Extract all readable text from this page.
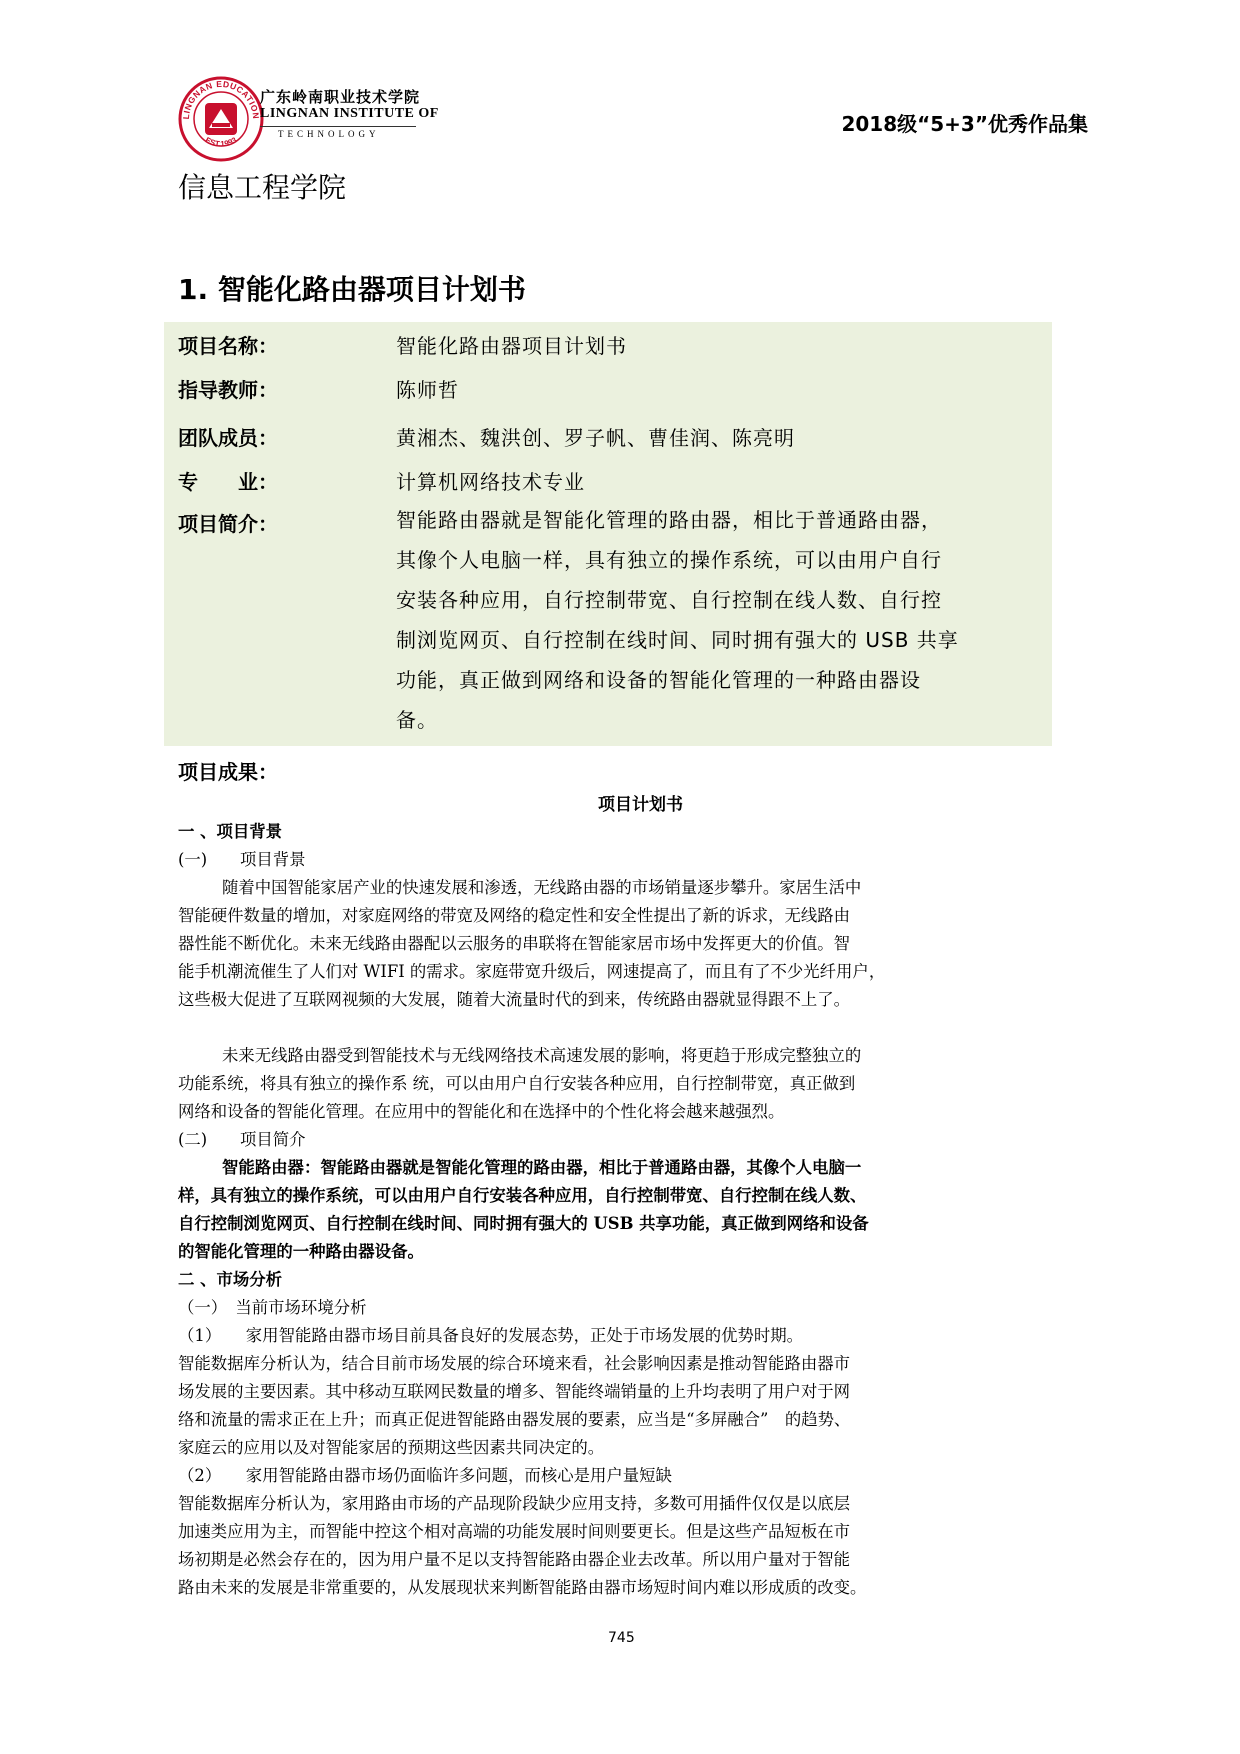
LINGNAN EDUCATION
EST.1993
广东岭南职业技术学院
LINGNAN INSTITUTE OF
TECHNOLOGY	2018级“5+3”优秀作品集
信息工程学院
1. 智能化路由器项目计划书
项目名称：	智能化路由器项目计划书
指导教师：	陈师哲
团队成员：	黄湘杰、魏洪创、罗子帆、曹佳润、陈亮明
专　　业：	计算机网络技术专业
项目简介：	智能路由器就是智能化管理的路由器，相比于普通路由器，
其像个人电脑一样，具有独立的操作系统，可以由用户自行
安装各种应用，自行控制带宽、自行控制在线人数、自行控
制浏览网页、自行控制在线时间、同时拥有强大的 USB 共享
功能，真正做到网络和设备的智能化管理的一种路由器设
备。
项目成果：
项目计划书
一 、项目背景
(一)　　项目背景
随着中国智能家居产业的快速发展和渗透，无线路由器的市场销量逐步攀升。家居生活中
智能硬件数量的增加，对家庭网络的带宽及网络的稳定性和安全性提出了新的诉求，无线路由
器性能不断优化。未来无线路由器配以云服务的串联将在智能家居市场中发挥更大的价值。智
能手机潮流催生了人们对 WIFI 的需求。家庭带宽升级后，网速提高了，而且有了不少光纤用户，
这些极大促进了互联网视频的大发展，随着大流量时代的到来，传统路由器就显得跟不上了。
未来无线路由器受到智能技术与无线网络技术高速发展的影响，将更趋于形成完整独立的
功能系统，将具有独立的操作系 统，可以由用户自行安装各种应用，自行控制带宽，真正做到
网络和设备的智能化管理。在应用中的智能化和在选择中的个性化将会越来越强烈。
(二)　　项目简介
智能路由器：智能路由器就是智能化管理的路由器，相比于普通路由器，其像个人电脑一
样，具有独立的操作系统，可以由用户自行安装各种应用，自行控制带宽、自行控制在线人数、
自行控制浏览网页、自行控制在线时间、同时拥有强大的 USB 共享功能，真正做到网络和设备
的智能化管理的一种路由器设备。
二 、市场分析
（一）　当前市场环境分析
（1）　　家用智能路由器市场目前具备良好的发展态势，正处于市场发展的优势时期。
智能数据库分析认为，结合目前市场发展的综合环境来看，社会影响因素是推动智能路由器市
场发展的主要因素。其中移动互联网民数量的增多、智能终端销量的上升均表明了用户对于网
络和流量的需求正在上升；而真正促进智能路由器发展的要素，应当是“多屏融合”　的趋势、
家庭云的应用以及对智能家居的预期这些因素共同决定的。
（2）　　家用智能路由器市场仍面临许多问题，而核心是用户量短缺
智能数据库分析认为，家用路由市场的产品现阶段缺少应用支持，多数可用插件仅仅是以底层
加速类应用为主，而智能中控这个相对高端的功能发展时间则要更长。但是这些产品短板在市
场初期是必然会存在的，因为用户量不足以支持智能路由器企业去改革。所以用户量对于智能
路由未来的发展是非常重要的，从发展现状来判断智能路由器市场短时间内难以形成质的改变。
745
